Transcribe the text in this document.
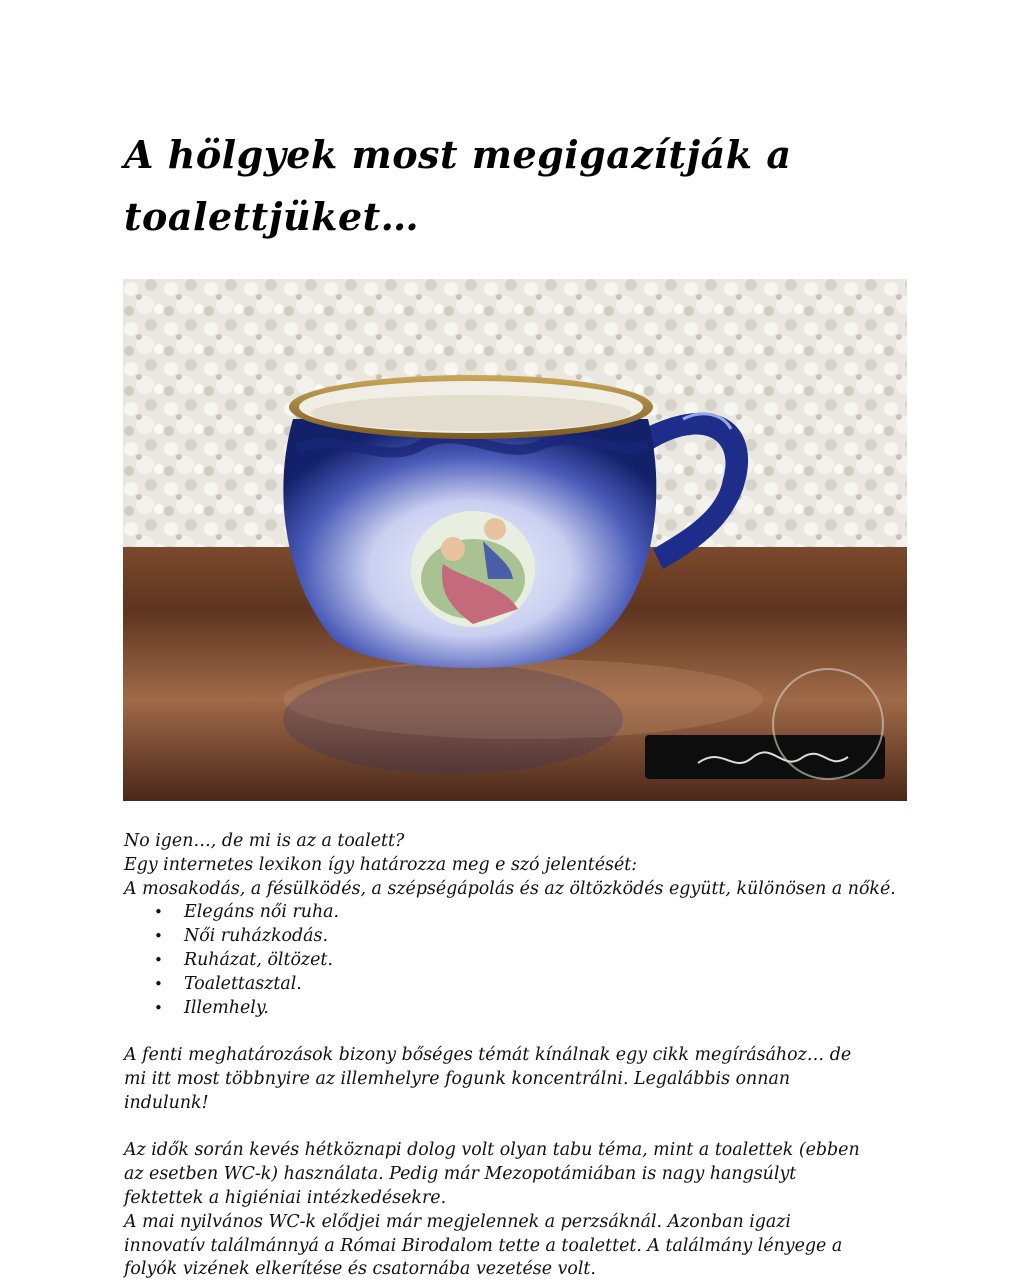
A hölgyek most megigazítják a toalettjüket…

No igen…, de mi is az a toalett?

Egy internetes lexikon így határozza meg e szó jelentését:

A mosakodás, a fésülködés, a szépségápolás és az öltözködés együtt, különösen a nőké.

• Elegáns női ruha.
• Női ruházkodás.
• Ruházat, öltözet.
• Toalettasztal.
• Illemhely.

A fenti meghatározások bizony bőséges témát kínálnak egy cikk megírásához… de

mi itt most többnyire az illemhelyre fogunk koncentrálni. Legalábbis onnan

indulunk!

Az idők során kevés hétköznapi dolog volt olyan tabu téma, mint a toalettek (ebben

az esetben WC-k) használata. Pedig már Mezopotámiában is nagy hangsúlyt

fektettek a higiéniai intézkedésekre.

A mai nyilvános WC-k elődjei már megjelennek a perzsáknál. Azonban igazi

innovatív találmánnyá a Római Birodalom tette a toalettet. A találmány lényege a

folyók vizének elkerítése és csatornába vezetése volt.
